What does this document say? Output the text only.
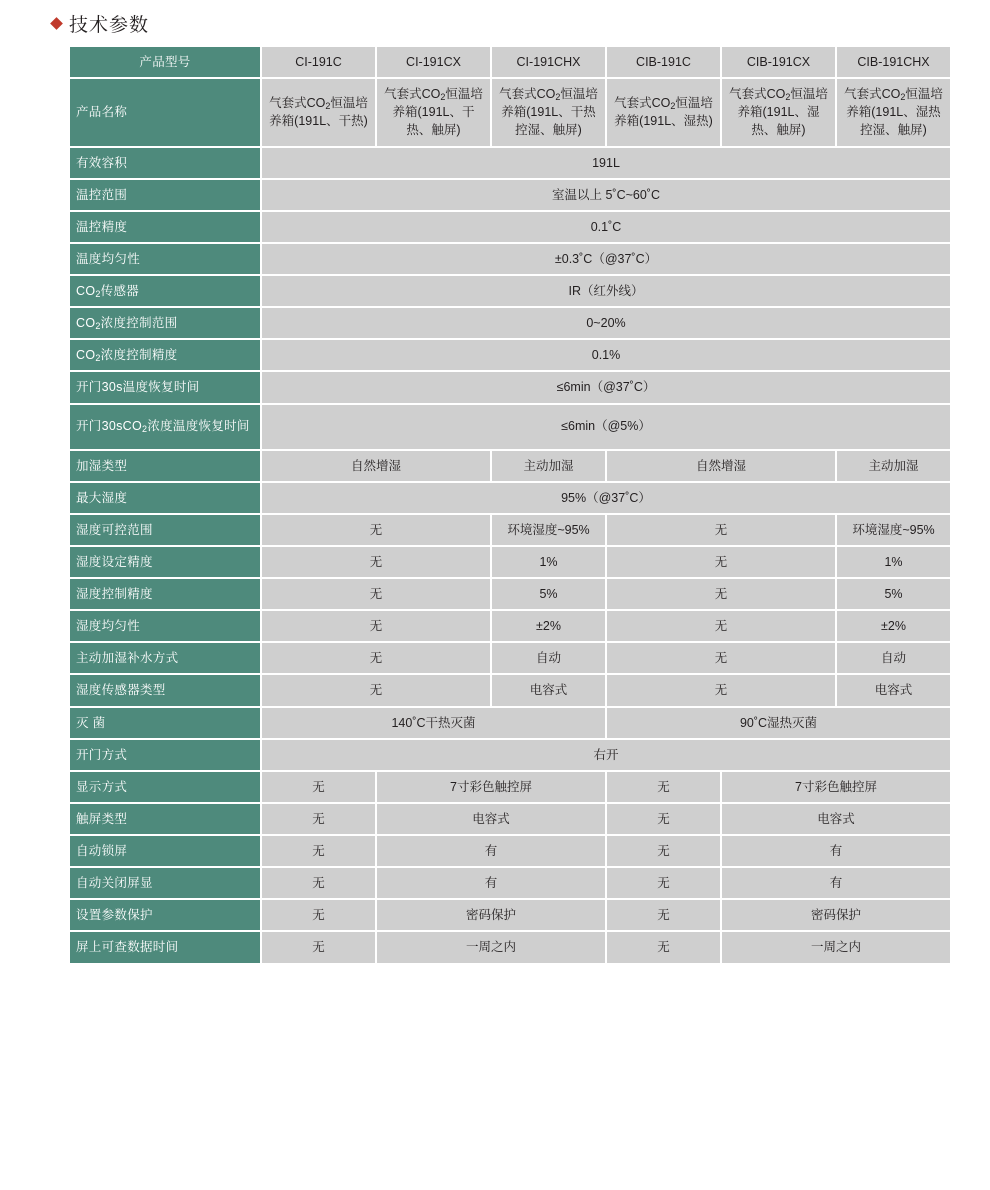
技术参数
产品型号	CI-191C	CI-191CX	CI-191CHX	CIB-191C	CIB-191CX	CIB-191CHX
产品名称	气套式$CO_2$恒温培养箱(191L、干热)	气套式$CO_2$恒温培养箱(191L、干热、触屏)	气套式$CO_2$恒温培养箱(191L、干热控湿、触屏)	气套式$CO_2$恒温培养箱(191L、湿热)	气套式$CO_2$恒温培养箱(191L、湿热、触屏)	气套式$CO_2$恒温培养箱(191L、湿热控湿、触屏)
有效容积	191L					
温控范围	室温以上 5˚C~60˚C					
温控精度	0.1˚C					
温度均匀性	±0.3˚C（@37˚C）					
$CO_2$传感器	IR（红外线）					
$CO_2$浓度控制范围	0~20%					
$CO_2$浓度控制精度	0.1%					
开门30s温度恢复时间	≤6min（@37˚C）					
开门30sCO$_2$浓度温度恢复时间	≤6min（@5%）					
加湿类型	自然增湿		主动加湿	自然增湿		主动加湿
最大湿度	95%（@37˚C）					
湿度可控范围	无		环境湿度~95%	无		环境湿度~95%
湿度设定精度	无		1%	无		1%
湿度控制精度	无		5%	无		5%
湿度均匀性	无		±2%	无		±2%
主动加湿补水方式	无		自动	无		自动
湿度传感器类型	无		电容式	无		电容式
灭 菌	140˚C干热灭菌			90˚C湿热灭菌		
开门方式	右开					
显示方式	无	7寸彩色触控屏		无	7寸彩色触控屏	
触屏类型	无	电容式		无	电容式	
自动锁屏	无	有		无	有	
自动关闭屏显	无	有		无	有	
设置参数保护	无	密码保护		无	密码保护	
屏上可查数据时间	无	一周之内		无	一周之内	
